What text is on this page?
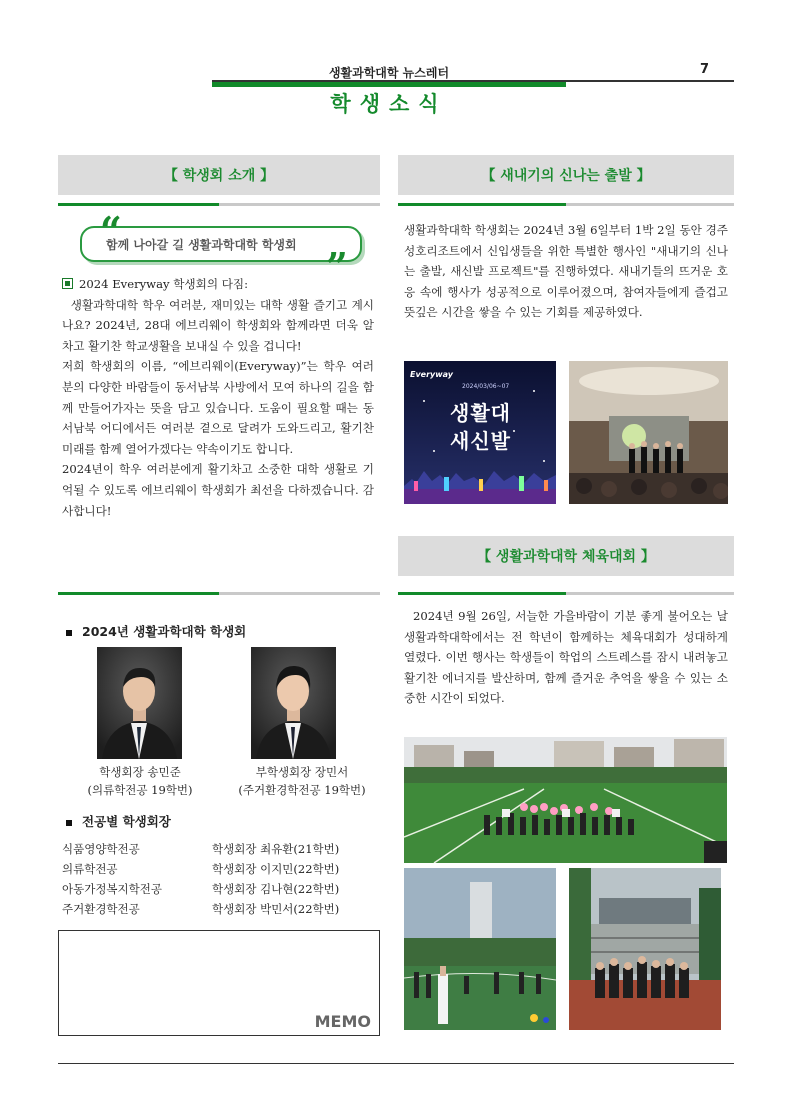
생활과학대학 뉴스레터	7
학생소식
【 학생회 소개 】
함께 나아갈 길 생활과학대학 학생회
“
”

2024 Everyway 학생회의 다짐:

생활과학대학 학우 여러분, 재미있는 대학 생활 즐기고 계시나요? 2024년, 28대 에브리웨이 학생회와 함께라면 더욱 알차고 활기찬 학교생활을 보내실 수 있을 겁니다!

저희 학생회의 이름, “에브리웨이(Everyway)”는 학우 여러분의 다양한 바람들이 동서남북 사방에서 모여 하나의 길을 함께 만들어가자는 뜻을 담고 있습니다. 도움이 필요할 때는 동서남북 어디에서든 여러분 곁으로 달려가 도와드리고, 활기찬 미래를 함께 열어가겠다는 약속이기도 합니다.

2024년이 학우 여러분에게 활기차고 소중한 대학 생활로 기억될 수 있도록 에브리웨이 학생회가 최선을 다하겠습니다. 감사합니다!

2024년 생활과학대학 학생회
학생회장 송민준
(의류학전공 19학번)
부학생회장 장민서
(주거환경학전공 19학번)
전공별 학생회장
식품영양학전공	학생회장 최유환(21학번)
의류학전공	학생회장 이지민(22학번)
아동가정복지학전공	학생회장 김나현(22학번)
주거환경학전공	학생회장 박민서(22학번)
MEMO
【 새내기의 신나는 출발 】
생활과학대학 학생회는 2024년 3월 6일부터 1박 2일 동안 경주 성호리조트에서 신입생들을 위한 특별한 행사인 "새내기의 신나는 출발, 새신발 프로젝트"를 진행하였다. 새내기들의 뜨거운 호응 속에 행사가 성공적으로 이루어졌으며, 참여자들에게 즐겁고 뜻깊은 시간을 쌓을 수 있는 기회를 제공하였다.
Everyway
2024/03/06~07
생활대
새신발
【 생활과학대학 체육대회 】
2024년 9월 26일, 서늘한 가을바람이 기분 좋게 불어오는 날 생활과학대학에서는 전 학년이 함께하는 체육대회가 성대하게 열렸다. 이번 행사는 학생들이 학업의 스트레스를 잠시 내려놓고 활기찬 에너지를 발산하며, 함께 즐거운 추억을 쌓을 수 있는 소중한 시간이 되었다.
